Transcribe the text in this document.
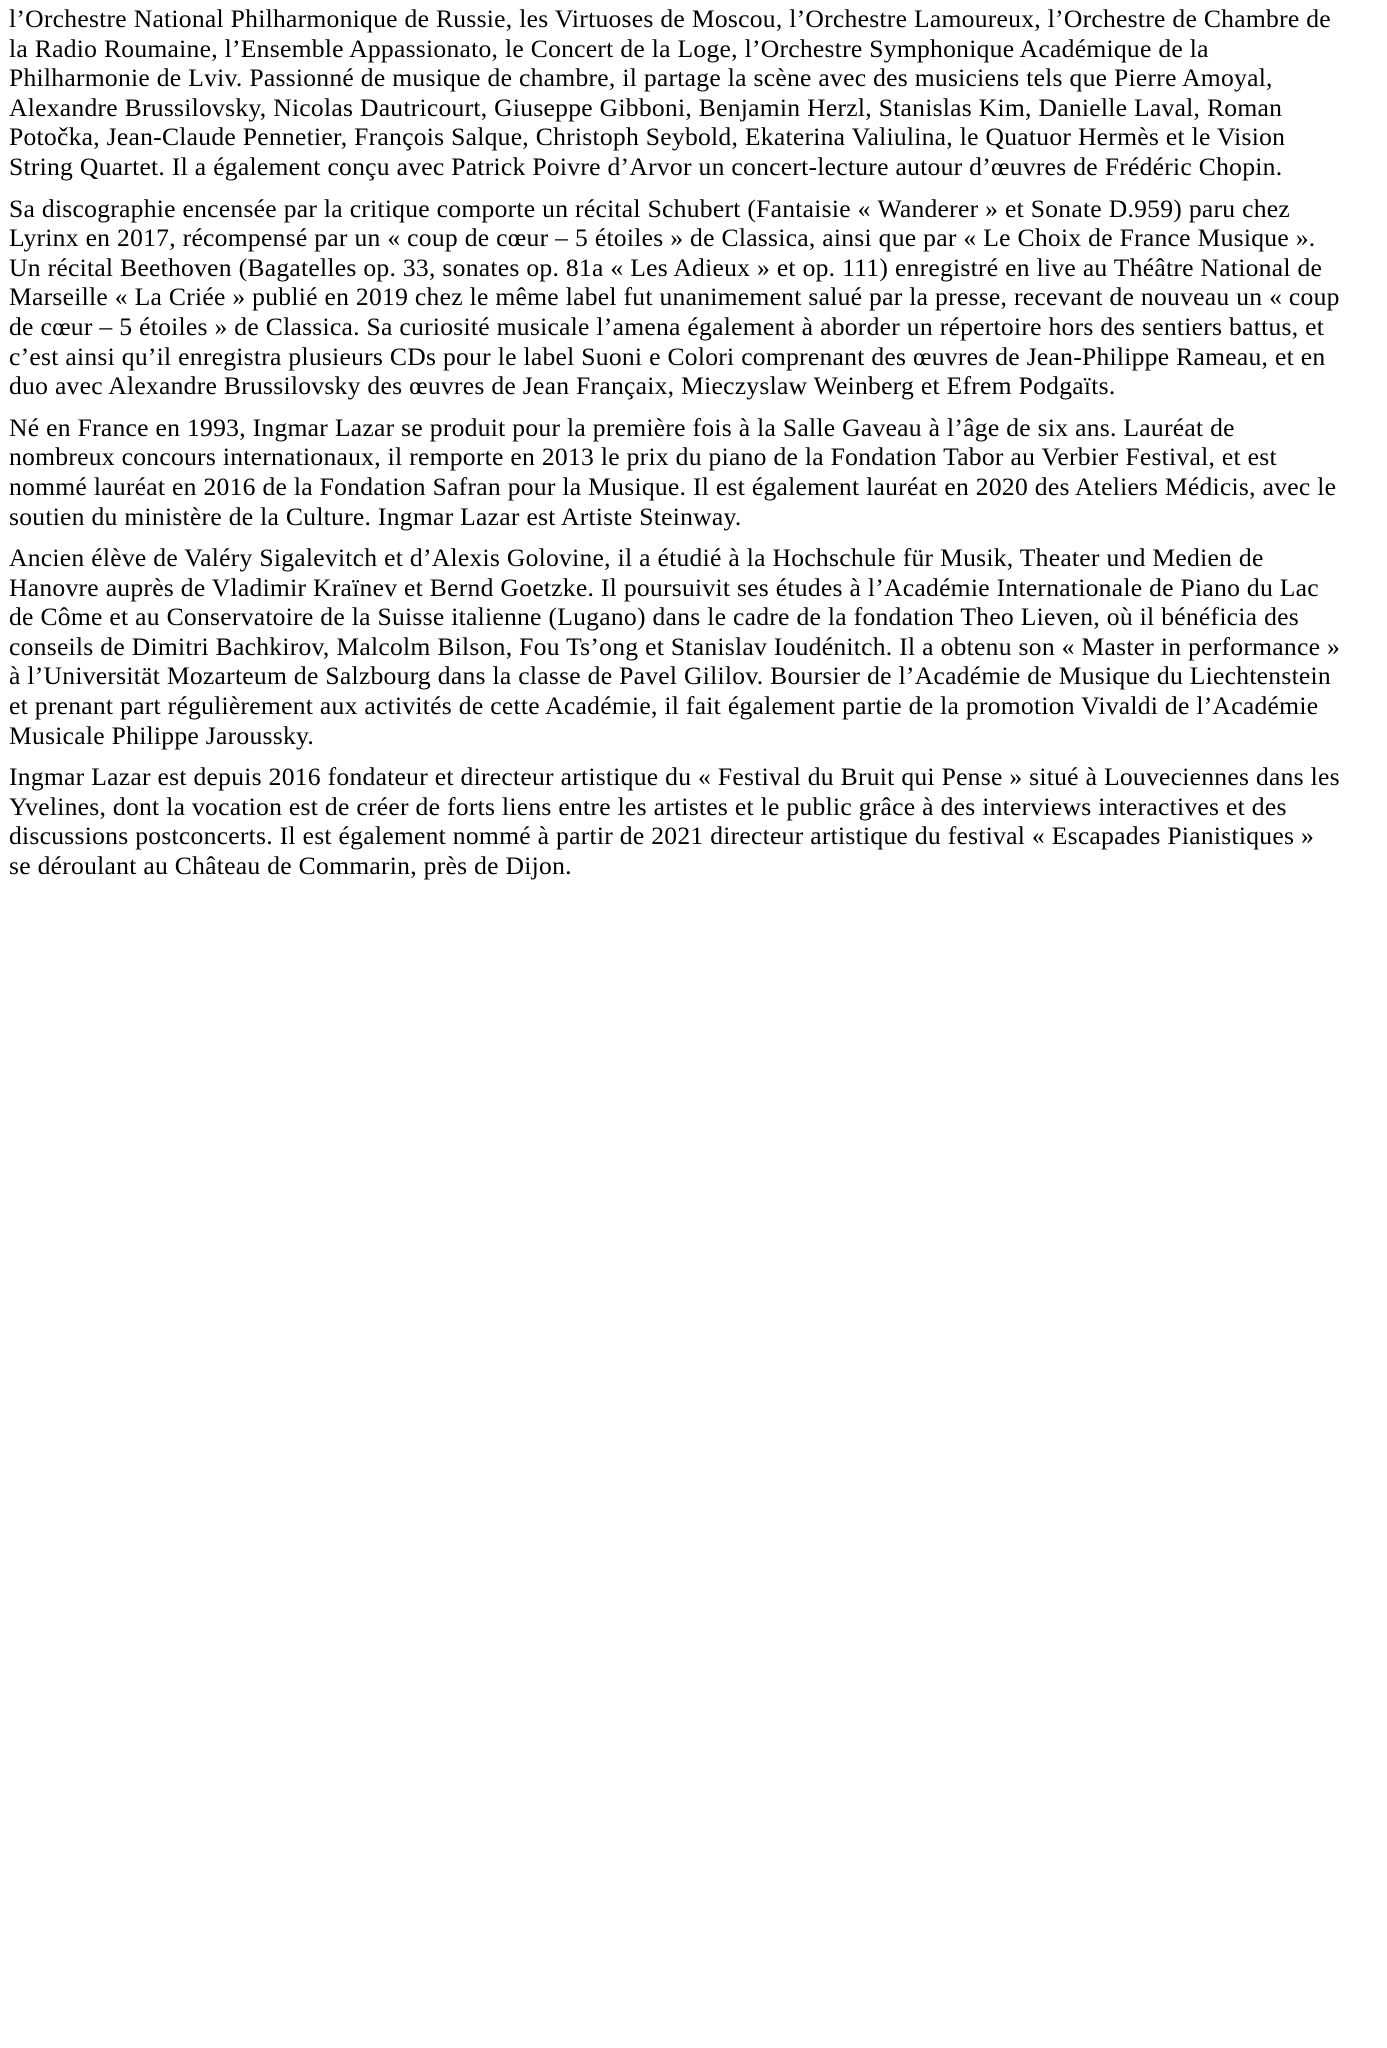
l’Orchestre National Philharmonique de Russie, les Virtuoses de Moscou, l’Orchestre Lamoureux, l’Orchestre de Chambre de la Radio Roumaine, l’Ensemble Appassionato, le Concert de la Loge, l’Orchestre Symphonique Académique de la Philharmonie de Lviv. Passionné de musique de chambre, il partage la scène avec des musiciens tels que Pierre Amoyal, Alexandre Brussilovsky, Nicolas Dautricourt, Giuseppe Gibboni, Benjamin Herzl, Stanislas Kim, Danielle Laval, Roman Potočka, Jean-Claude Pennetier, François Salque, Christoph Seybold, Ekaterina Valiulina, le Quatuor Hermès et le Vision String Quartet. Il a également conçu avec Patrick Poivre d’Arvor un concert-lecture autour d’œuvres de Frédéric Chopin.

Sa discographie encensée par la critique comporte un récital Schubert (Fantaisie « Wanderer » et Sonate D.959) paru chez Lyrinx en 2017, récompensé par un « coup de cœur – 5 étoiles » de Classica, ainsi que par « Le Choix de France Musique ». Un récital Beethoven (Bagatelles op. 33, sonates op. 81a « Les Adieux » et op. 111) enregistré en live au Théâtre National de Marseille « La Criée » publié en 2019 chez le même label fut unanimement salué par la presse, recevant de nouveau un « coup de cœur – 5 étoiles » de Classica. Sa curiosité musicale l’amena également à aborder un répertoire hors des sentiers battus, et c’est ainsi qu’il enregistra plusieurs CDs pour le label Suoni e Colori comprenant des œuvres de Jean-Philippe Rameau, et en duo avec Alexandre Brussilovsky des œuvres de Jean Françaix, Mieczyslaw Weinberg et Efrem Podgaïts.

Né en France en 1993, Ingmar Lazar se produit pour la première fois à la Salle Gaveau à l’âge de six ans. Lauréat de nombreux concours internationaux, il remporte en 2013 le prix du piano de la Fondation Tabor au Verbier Festival, et est nommé lauréat en 2016 de la Fondation Safran pour la Musique. Il est également lauréat en 2020 des Ateliers Médicis, avec le soutien du ministère de la Culture. Ingmar Lazar est Artiste Steinway.

Ancien élève de Valéry Sigalevitch et d’Alexis Golovine, il a étudié à la Hochschule für Musik, Theater und Medien de Hanovre auprès de Vladimir Kraïnev et Bernd Goetzke. Il poursuivit ses études à l’Académie Internationale de Piano du Lac de Côme et au Conservatoire de la Suisse italienne (Lugano) dans le cadre de la fondation Theo Lieven, où il bénéficia des conseils de Dimitri Bachkirov, Malcolm Bilson, Fou Ts’ong et Stanislav Ioudénitch. Il a obtenu son « Master in performance » à l’Universität Mozarteum de Salzbourg dans la classe de Pavel Gililov. Boursier de l’Académie de Musique du Liechtenstein et prenant part régulièrement aux activités de cette Académie, il fait également partie de la promotion Vivaldi de l’Académie Musicale Philippe Jaroussky.

Ingmar Lazar est depuis 2016 fondateur et directeur artistique du « Festival du Bruit qui Pense » situé à Louveciennes dans les Yvelines, dont la vocation est de créer de forts liens entre les artistes et le public grâce à des interviews interactives et des discussions postconcerts. Il est également nommé à partir de 2021 directeur artistique du festival « Escapades Pianistiques » se déroulant au Château de Commarin, près de Dijon.
